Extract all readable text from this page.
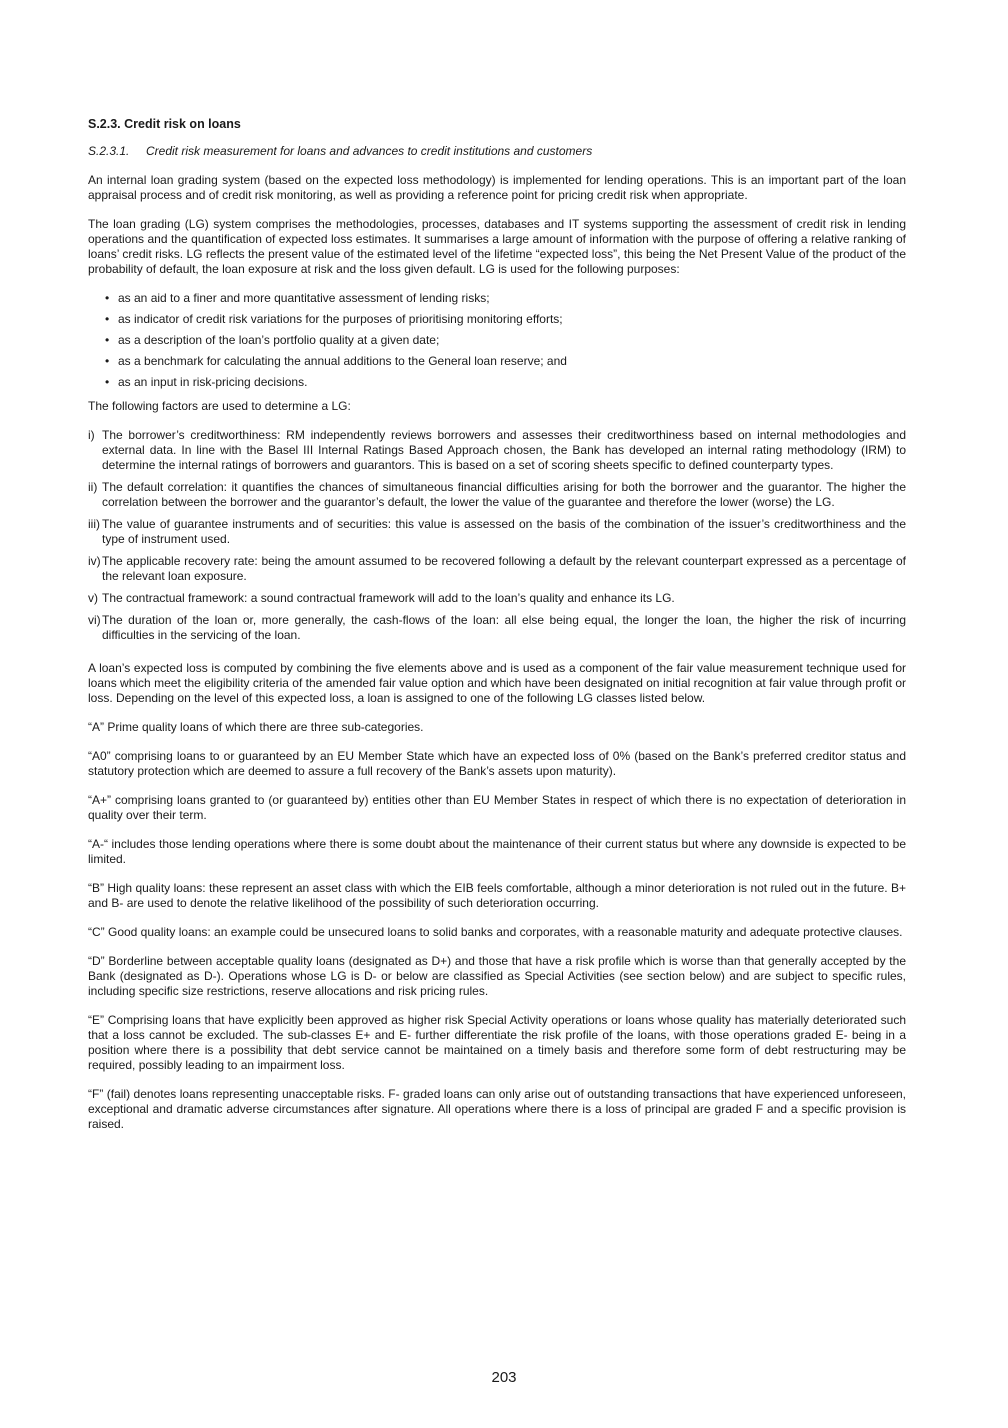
S.2.3. Credit risk on loans
S.2.3.1.	Credit risk measurement for loans and advances to credit institutions and customers

An internal loan grading system (based on the expected loss methodology) is implemented for lending operations. This is an important part of the loan appraisal process and of credit risk monitoring, as well as providing a reference point for pricing credit risk when appropriate.

The loan grading (LG) system comprises the methodologies, processes, databases and IT systems supporting the assessment of credit risk in lending operations and the quantification of expected loss estimates. It summarises a large amount of information with the purpose of offering a relative ranking of loans’ credit risks. LG reflects the present value of the estimated level of the lifetime “expected loss”, this being the Net Present Value of the product of the probability of default, the loan exposure at risk and the loss given default. LG is used for the following purposes:

• as an aid to a finer and more quantitative assessment of lending risks;
• as indicator of credit risk variations for the purposes of prioritising monitoring efforts;
• as a description of the loan’s portfolio quality at a given date;
• as a benchmark for calculating the annual additions to the General loan reserve; and
• as an input in risk-pricing decisions.

The following factors are used to determine a LG:

i) The borrower’s creditworthiness: RM independently reviews borrowers and assesses their creditworthiness based on internal methodologies and external data. In line with the Basel III Internal Ratings Based Approach chosen, the Bank has developed an internal rating methodology (IRM) to determine the internal ratings of borrowers and guarantors. This is based on a set of scoring sheets specific to defined counterparty types.
ii) The default correlation: it quantifies the chances of simultaneous financial difficulties arising for both the borrower and the guarantor. The higher the correlation between the borrower and the guarantor’s default, the lower the value of the guarantee and therefore the lower (worse) the LG.
iii) The value of guarantee instruments and of securities: this value is assessed on the basis of the combination of the issuer’s creditworthiness and the type of instrument used.
iv) The applicable recovery rate: being the amount assumed to be recovered following a default by the relevant counterpart expressed as a percentage of the relevant loan exposure.
v) The contractual framework: a sound contractual framework will add to the loan’s quality and enhance its LG.
vi) The duration of the loan or, more generally, the cash-flows of the loan: all else being equal, the longer the loan, the higher the risk of incurring difficulties in the servicing of the loan.

A loan’s expected loss is computed by combining the five elements above and is used as a component of the fair value measurement technique used for loans which meet the eligibility criteria of the amended fair value option and which have been designated on initial recognition at fair value through profit or loss. Depending on the level of this expected loss, a loan is assigned to one of the following LG classes listed below.

“A” Prime quality loans of which there are three sub-categories.

“A0” comprising loans to or guaranteed by an EU Member State which have an expected loss of 0% (based on the Bank’s preferred creditor status and statutory protection which are deemed to assure a full recovery of the Bank’s assets upon maturity).

“A+” comprising loans granted to (or guaranteed by) entities other than EU Member States in respect of which there is no expectation of deterioration in quality over their term.

“A-“ includes those lending operations where there is some doubt about the maintenance of their current status but where any downside is expected to be limited.

“B” High quality loans: these represent an asset class with which the EIB feels comfortable, although a minor deterioration is not ruled out in the future. B+ and B- are used to denote the relative likelihood of the possibility of such deterioration occurring.

“C” Good quality loans: an example could be unsecured loans to solid banks and corporates, with a reasonable maturity and adequate protective clauses.

“D” Borderline between acceptable quality loans (designated as D+) and those that have a risk profile which is worse than that generally accepted by the Bank (designated as D-). Operations whose LG is D- or below are classified as Special Activities (see section below) and are subject to specific rules, including specific size restrictions, reserve allocations and risk pricing rules.

“E” Comprising loans that have explicitly been approved as higher risk Special Activity operations or loans whose quality has materially deteriorated such that a loss cannot be excluded. The sub-classes E+ and E- further differentiate the risk profile of the loans, with those operations graded E- being in a position where there is a possibility that debt service cannot be maintained on a timely basis and therefore some form of debt restructuring may be required, possibly leading to an impairment loss.

“F” (fail) denotes loans representing unacceptable risks. F- graded loans can only arise out of outstanding transactions that have experienced unforeseen, exceptional and dramatic adverse circumstances after signature. All operations where there is a loss of principal are graded F and a specific provision is raised.

203
